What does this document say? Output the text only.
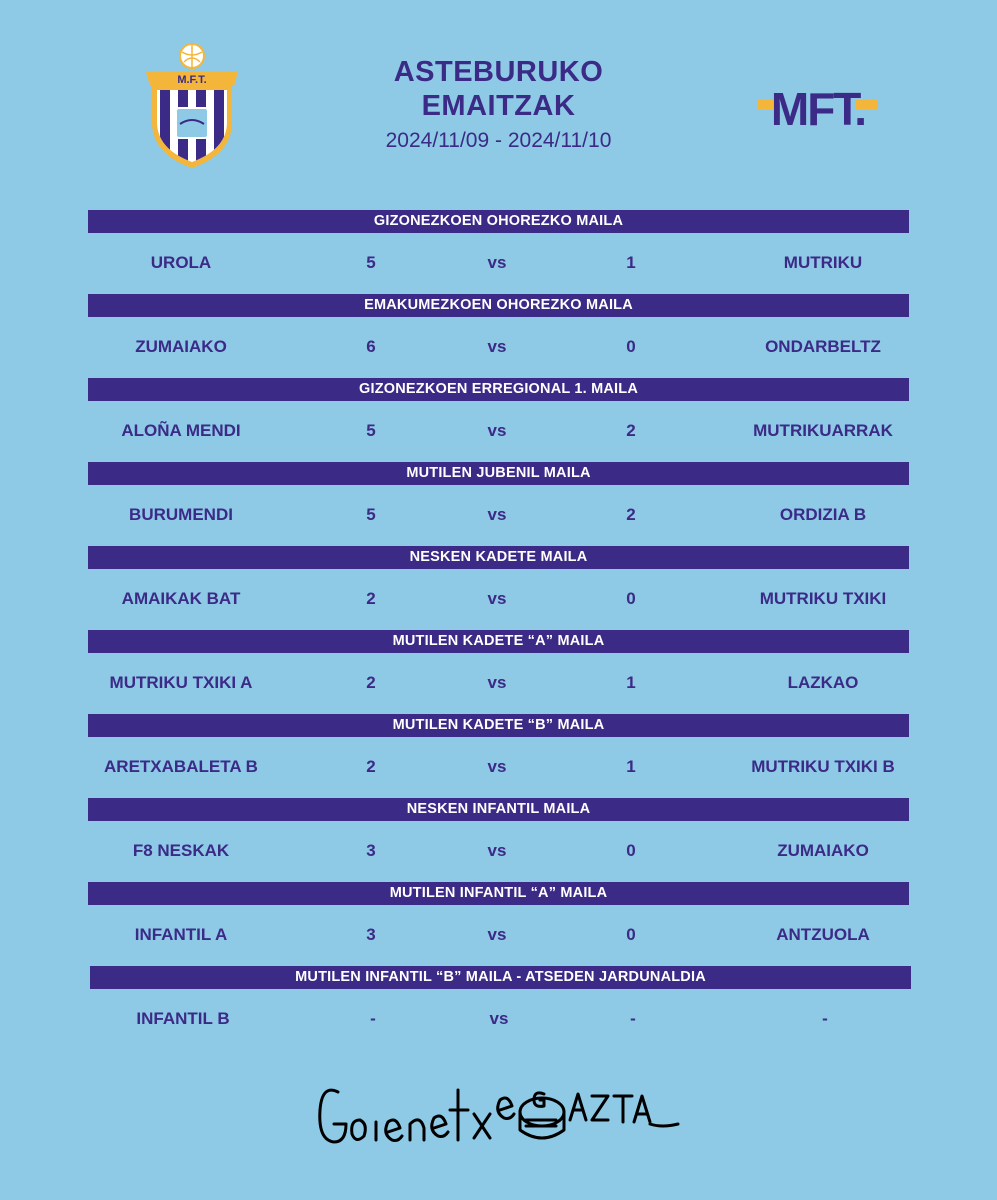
M.F.T.	ASTEBURUKO
EMAITZAK
2024/11/09 - 2024/11/10
MFT.
GIZONEZKOEN OHOREZKO MAILA
UROLA	5	vs	1	MUTRIKU
EMAKUMEZKOEN OHOREZKO MAILA
ZUMAIAKO	6	vs	0	ONDARBELTZ
GIZONEZKOEN ERREGIONAL 1. MAILA
ALOÑA MENDI	5	vs	2	MUTRIKUARRAK
MUTILEN JUBENIL MAILA
BURUMENDI	5	vs	2	ORDIZIA B
NESKEN KADETE MAILA
AMAIKAK BAT	2	vs	0	MUTRIKU TXIKI
MUTILEN KADETE “A” MAILA
MUTRIKU TXIKI A	2	vs	1	LAZKAO
MUTILEN KADETE “B” MAILA
ARETXABALETA B	2	vs	1	MUTRIKU TXIKI B
NESKEN INFANTIL MAILA
F8 NESKAK	3	vs	0	ZUMAIAKO
MUTILEN INFANTIL “A” MAILA
INFANTIL A	3	vs	0	ANTZUOLA
MUTILEN INFANTIL “B” MAILA - ATSEDEN JARDUNALDIA
INFANTIL B	-	vs	-	-
Goienetxe GAZTA
